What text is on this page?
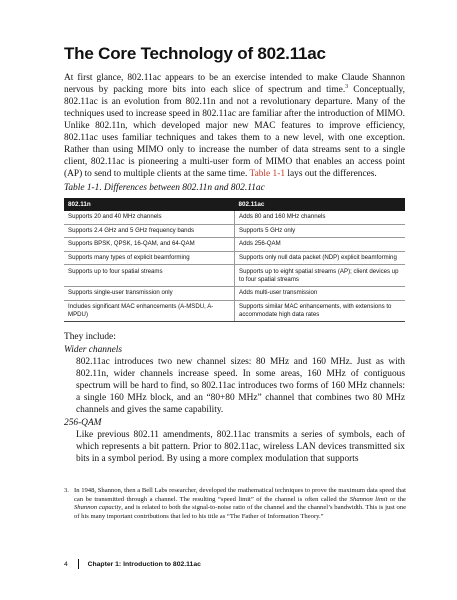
The Core Technology of 802.11ac

At first glance, 802.11ac appears to be an exercise intended to make Claude Shannon nervous by packing more bits into each slice of spectrum and time.$^3$ Conceptually, 802.11ac is an evolution from 802.11n and not a revolutionary departure. Many of the techniques used to increase speed in 802.11ac are familiar after the introduction of MIMO. Unlike 802.11n, which developed major new MAC features to improve efficiency, 802.11ac uses familiar techniques and takes them to a new level, with one exception. Rather than using MIMO only to increase the number of data streams sent to a single client, 802.11ac is pioneering a multi-user form of MIMO that enables an access point (AP) to send to multiple clients at the same time. Table 1-1 lays out the differences.

Table 1-1. Differences between 802.11n and 802.11ac
802.11n	802.11ac
Supports 20 and 40 MHz channels	Adds 80 and 160 MHz channels
Supports 2.4 GHz and 5 GHz frequency bands	Supports 5 GHz only
Supports BPSK, QPSK, 16-QAM, and 64-QAM	Adds 256-QAM
Supports many types of explicit beamforming	Supports only null data packet (NDP) explicit beamforming
Supports up to four spatial streams	Supports up to eight spatial streams (AP); client devices up to four spatial streams
Supports single-user transmission only	Adds multi-user transmission
Includes significant MAC enhancements (A-MSDU, A-MPDU)	Supports similar MAC enhancements, with extensions to accommodate high data rates

They include:

Wider channels

802.11ac introduces two new channel sizes: 80 MHz and 160 MHz. Just as with 802.11n, wider channels increase speed. In some areas, 160 MHz of contiguous spectrum will be hard to find, so 802.11ac introduces two forms of 160 MHz channels: a single 160 MHz block, and an “80+80 MHz” channel that combines two 80 MHz channels and gives the same capability.

256-QAM

Like previous 802.11 amendments, 802.11ac transmits a series of symbols, each of which represents a bit pattern. Prior to 802.11ac, wireless LAN devices transmitted six bits in a symbol period. By using a more complex modulation that supports

3. In 1948, Shannon, then a Bell Labs researcher, developed the mathematical techniques to prove the maximum data speed that can be transmitted through a channel. The resulting “speed limit” of the channel is often called the Shannon limit or the Shannon capacity, and is related to both the signal-to-noise ratio of the channel and the channel’s bandwidth. This is just one of his many important contributions that led to his title as “The Father of Information Theory.”

4	Chapter 1: Introduction to 802.11ac
